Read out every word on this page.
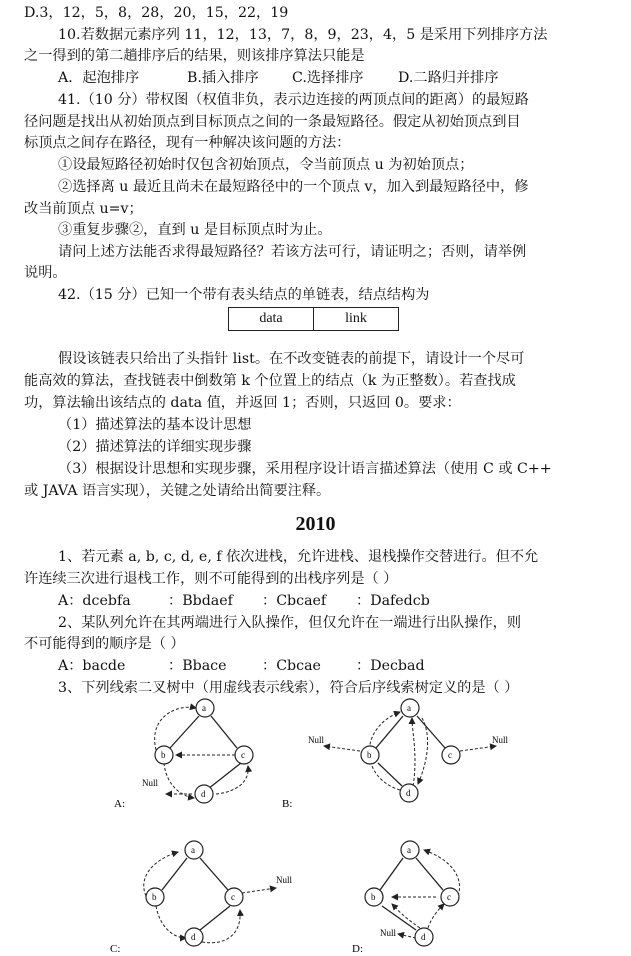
D.3，12，5，8，28，20，15，22，19
10.若数据元素序列 11，12，13，7，8，9，23，4，5 是采用下列排序方法
之一得到的第二趟排序后的结果，则该排序算法只能是
A．起泡排序	B.插入排序 C.选择排序 D.二路归并排序
41.（10 分）带权图（权值非负，表示边连接的两顶点间的距离）的最短路
径问题是找出从初始顶点到目标顶点之间的一条最短路径。假定从初始顶点到目
标顶点之间存在路径，现有一种解决该问题的方法：
①设最短路径初始时仅包含初始顶点，令当前顶点 u 为初始顶点；
②选择离 u 最近且尚未在最短路径中的一个顶点 v，加入到最短路径中，修
改当前顶点 u=v；
③重复步骤②，直到 u 是目标顶点时为止。
请问上述方法能否求得最短路径？若该方法可行，请证明之；否则，请举例
说明。
42.（15 分）已知一个带有表头结点的单链表，结点结构为
data	link
假设该链表只给出了头指针 list。在不改变链表的前提下，请设计一个尽可
能高效的算法，查找链表中倒数第 k 个位置上的结点（k 为正整数）。若查找成
功，算法输出该结点的 data 值，并返回 1；否则，只返回 0。要求：
（1）描述算法的基本设计思想
（2）描述算法的详细实现步骤
（3）根据设计思想和实现步骤，采用程序设计语言描述算法（使用 C 或 C++
或 JAVA 语言实现），关键之处请给出简要注释。
2010
1、若元素 a, b, c, d, e, f 依次进栈，允许进栈、退栈操作交替进行。但不允
许连续三次进行退栈工作，则不可能得到的出栈序列是（ ）
A：dcebfa	：Bbdaef ：Cbcaef ：Dafedcb
2、某队列允许在其两端进行入队操作，但仅允许在一端进行出队操作，则
不可能得到的顺序是（ ）
A：bacde	：Bbace	：Cbcae ：Decbad
3、下列线索二叉树中（用虚线表示线索），符合后序线索树定义的是（ ）
a
b	c
d
Null
A:
a
b	c
d
Null	Null
B:
a
b	c
d
Null
C:
a
b	c
d
Null
D:
